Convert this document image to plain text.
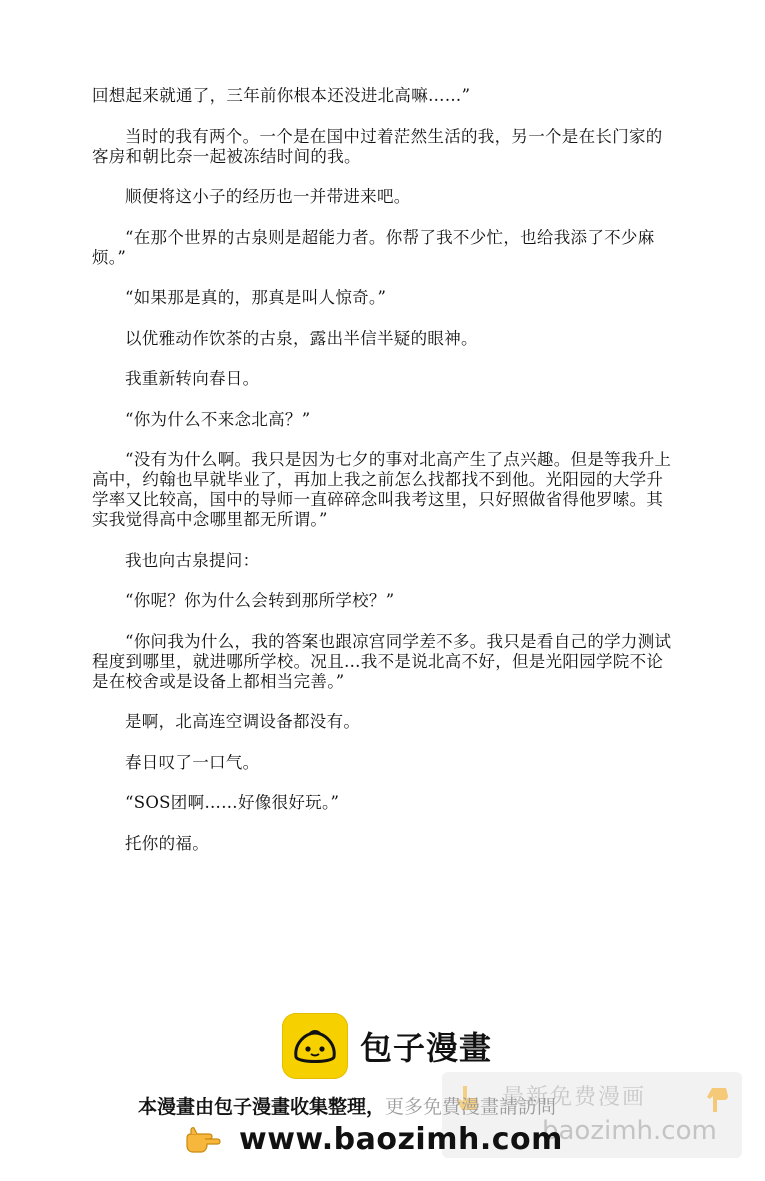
回想起来就通了，三年前你根本还没进北高嘛……”

当时的我有两个。一个是在国中过着茫然生活的我，另一个是在长门家的客房和朝比奈一起被冻结时间的我。

顺便将这小子的经历也一并带进来吧。

“在那个世界的古泉则是超能力者。你帮了我不少忙，也给我添了不少麻烦。”

“如果那是真的，那真是叫人惊奇。”

以优雅动作饮茶的古泉，露出半信半疑的眼神。

我重新转向春日。

“你为什么不来念北高？”

“没有为什么啊。我只是因为七夕的事对北高产生了点兴趣。但是等我升上高中，约翰也早就毕业了，再加上我之前怎么找都找不到他。光阳园的大学升学率又比较高，国中的导师一直碎碎念叫我考这里，只好照做省得他罗嗦。其实我觉得高中念哪里都无所谓。”

我也向古泉提问：

“你呢？你为什么会转到那所学校？”

“你问我为什么，我的答案也跟凉宫同学差不多。我只是看自己的学力测试程度到哪里，就进哪所学校。况且…我不是说北高不好，但是光阳园学院不论是在校舍或是设备上都相当完善。”

是啊，北高连空调设备都没有。

春日叹了一口气。

“SOS团啊……好像很好玩。”

托你的福。

包子漫畫
最新免费漫画
baozimh.com
本漫畫由包子漫畫收集整理，更多免費漫畫請訪問
www.baozimh.com
